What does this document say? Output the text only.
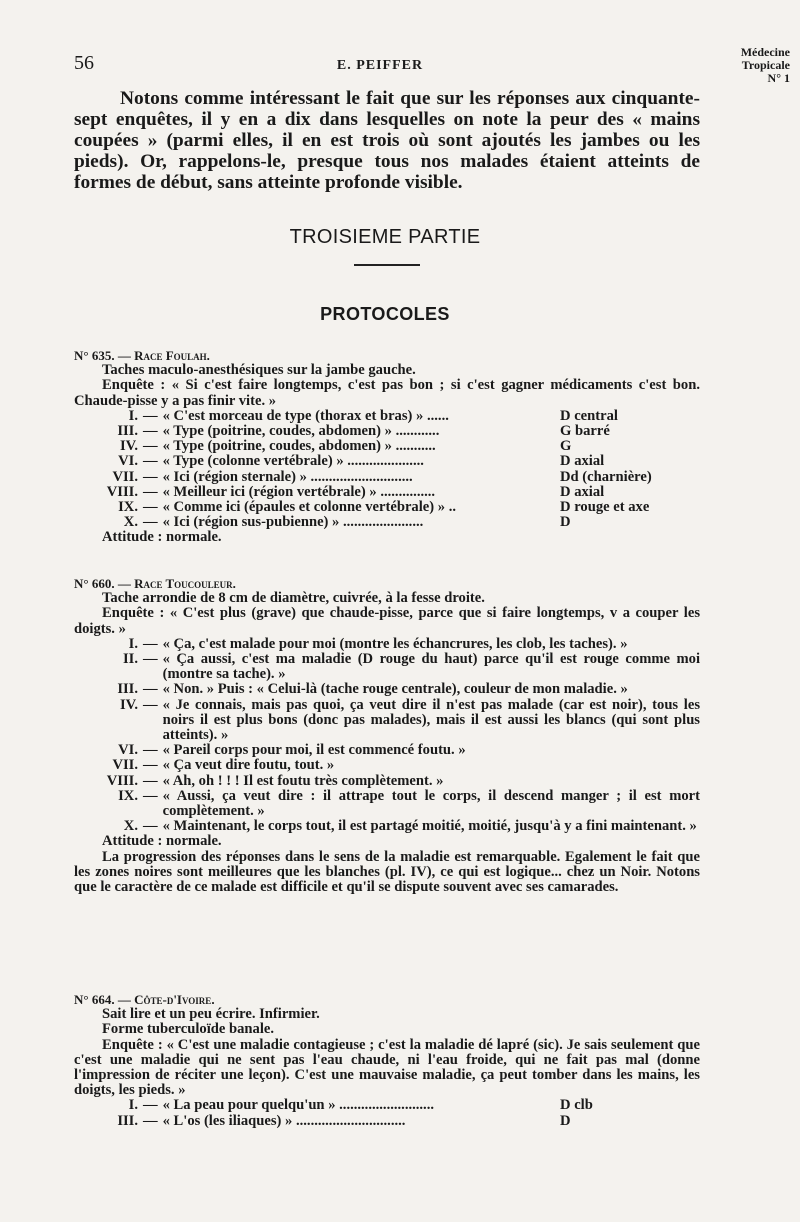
56	E. PEIFFER
Médecine
Tropicale
N° 1

Notons comme intéressant le fait que sur les réponses aux cinquante-sept enquêtes, il y en a dix dans lesquelles on note la peur des « mains coupées » (parmi elles, il en est trois où sont ajoutés les jambes ou les pieds). Or, rappelons-le, presque tous nos malades étaient atteints de formes de début, sans atteinte profonde visible.

TROISIEME PARTIE
PROTOCOLES

N° 635. — Race Foulah.

Taches maculo-anesthésiques sur la jambe gauche.

Enquête : « Si c'est faire longtemps, c'est pas bon ; si c'est gagner médicaments c'est bon. Chaude-pisse y a pas finir vite. »

I. — « C'est morceau de type (thorax et bras) » ......	D central
III. — « Type (poitrine, coudes, abdomen) » ............	G barré
IV. — « Type (poitrine, coudes, abdomen) » ...........	G
VI. — « Type (colonne vertébrale) » .....................	D axial
VII. — « Ici (région sternale) » ............................	Dd (charnière)
VIII. — « Meilleur ici (région vertébrale) » ...............	D axial
IX. — « Comme ici (épaules et colonne vertébrale) » ..	D rouge et axe
X. — « Ici (région sus-pubienne) » ......................	D

Attitude : normale.

N° 660. — Race Toucouleur.

Tache arrondie de 8 cm de diamètre, cuivrée, à la fesse droite.

Enquête : « C'est plus (grave) que chaude-pisse, parce que si faire longtemps, v a couper les doigts. »

I. — « Ça, c'est malade pour moi (montre les échancrures, les clob, les taches). »
II. — « Ça aussi, c'est ma maladie (D rouge du haut) parce qu'il est rouge comme moi (montre sa tache). »
III. — « Non. » Puis : « Celui-là (tache rouge centrale), couleur de mon maladie. »
IV. — « Je connais, mais pas quoi, ça veut dire il n'est pas malade (car est noir), tous les noirs il est plus bons (donc pas malades), mais il est aussi les blancs (qui sont plus atteints). »
VI. — « Pareil corps pour moi, il est commencé foutu. »
VII. — « Ça veut dire foutu, tout. »
VIII. — « Ah, oh ! ! ! Il est foutu très complètement. »
IX. — « Aussi, ça veut dire : il attrape tout le corps, il descend manger ; il est mort complètement. »
X. — « Maintenant, le corps tout, il est partagé moitié, moitié, jusqu'à y a fini maintenant. »

Attitude : normale.

La progression des réponses dans le sens de la maladie est remarquable. Egalement le fait que les zones noires sont meilleures que les blanches (pl. IV), ce qui est logique... chez un Noir. Notons que le caractère de ce malade est difficile et qu'il se dispute souvent avec ses camarades.

N° 664. — Côte-d'Ivoire.

Sait lire et un peu écrire. Infirmier.

Forme tuberculoïde banale.

Enquête : « C'est une maladie contagieuse ; c'est la maladie dé lapré (sic). Je sais seulement que c'est une maladie qui ne sent pas l'eau chaude, ni l'eau froide, qui ne fait pas mal (donne l'impression de réciter une leçon). C'est une mauvaise maladie, ça peut tomber dans les mains, les doigts, les pieds. »

I. — « La peau pour quelqu'un » ..........................	D clb
III. — « L'os (les iliaques) » ..............................	D
